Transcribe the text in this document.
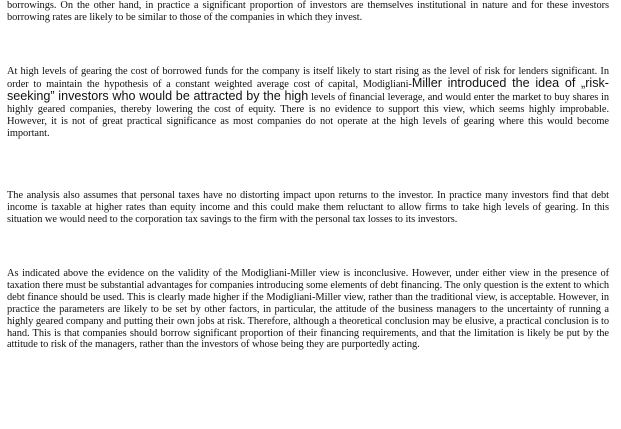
borrowings. On the other hand, in practice a significant proportion of investors are themselves institutional in nature and for these investors borrowing rates are likely to be similar to those of the companies in which they invest.

At high levels of gearing the cost of borrowed funds for the company is itself likely to start rising as the level of risk for lenders significant. In order to maintain the hypothesis of a constant weighted average cost of capital, Modigliani-Miller introduced the idea of „risk-seeking” investors who would be attracted by the high levels of financial leverage, and would enter the market to buy shares in highly geared companies, thereby lowering the cost of equity. There is no evidence to support this view, which seems highly improbable. However, it is not of great practical significance as most companies do not operate at the high levels of gearing where this would become important.

The analysis also assumes that personal taxes have no distorting impact upon returns to the investor. In practice many investors find that debt income is taxable at higher rates than equity income and this could make them reluctant to allow firms to take high levels of gearing. In this situation we would need to the corporation tax savings to the firm with the personal tax losses to its investors.

As indicated above the evidence on the validity of the Modigliani-Miller view is inconclusive. However, under either view in the presence of taxation there must be substantial advantages for companies introducing some elements of debt financing. The only question is the extent to which debt finance should be used. This is clearly made higher if the Modigliani-Miller view, rather than the traditional view, is acceptable. However, in practice the parameters are likely to be set by other factors, in particular, the attitude of the business managers to the uncertainty of running a highly geared company and putting their own jobs at risk. Therefore, although a theoretical conclusion may be elusive, a practical conclusion is to hand. This is that companies should borrow significant proportion of their financing requirements, and that the limitation is likely be put by the attitude to risk of the managers, rather than the investors of whose being they are purportedly acting.
